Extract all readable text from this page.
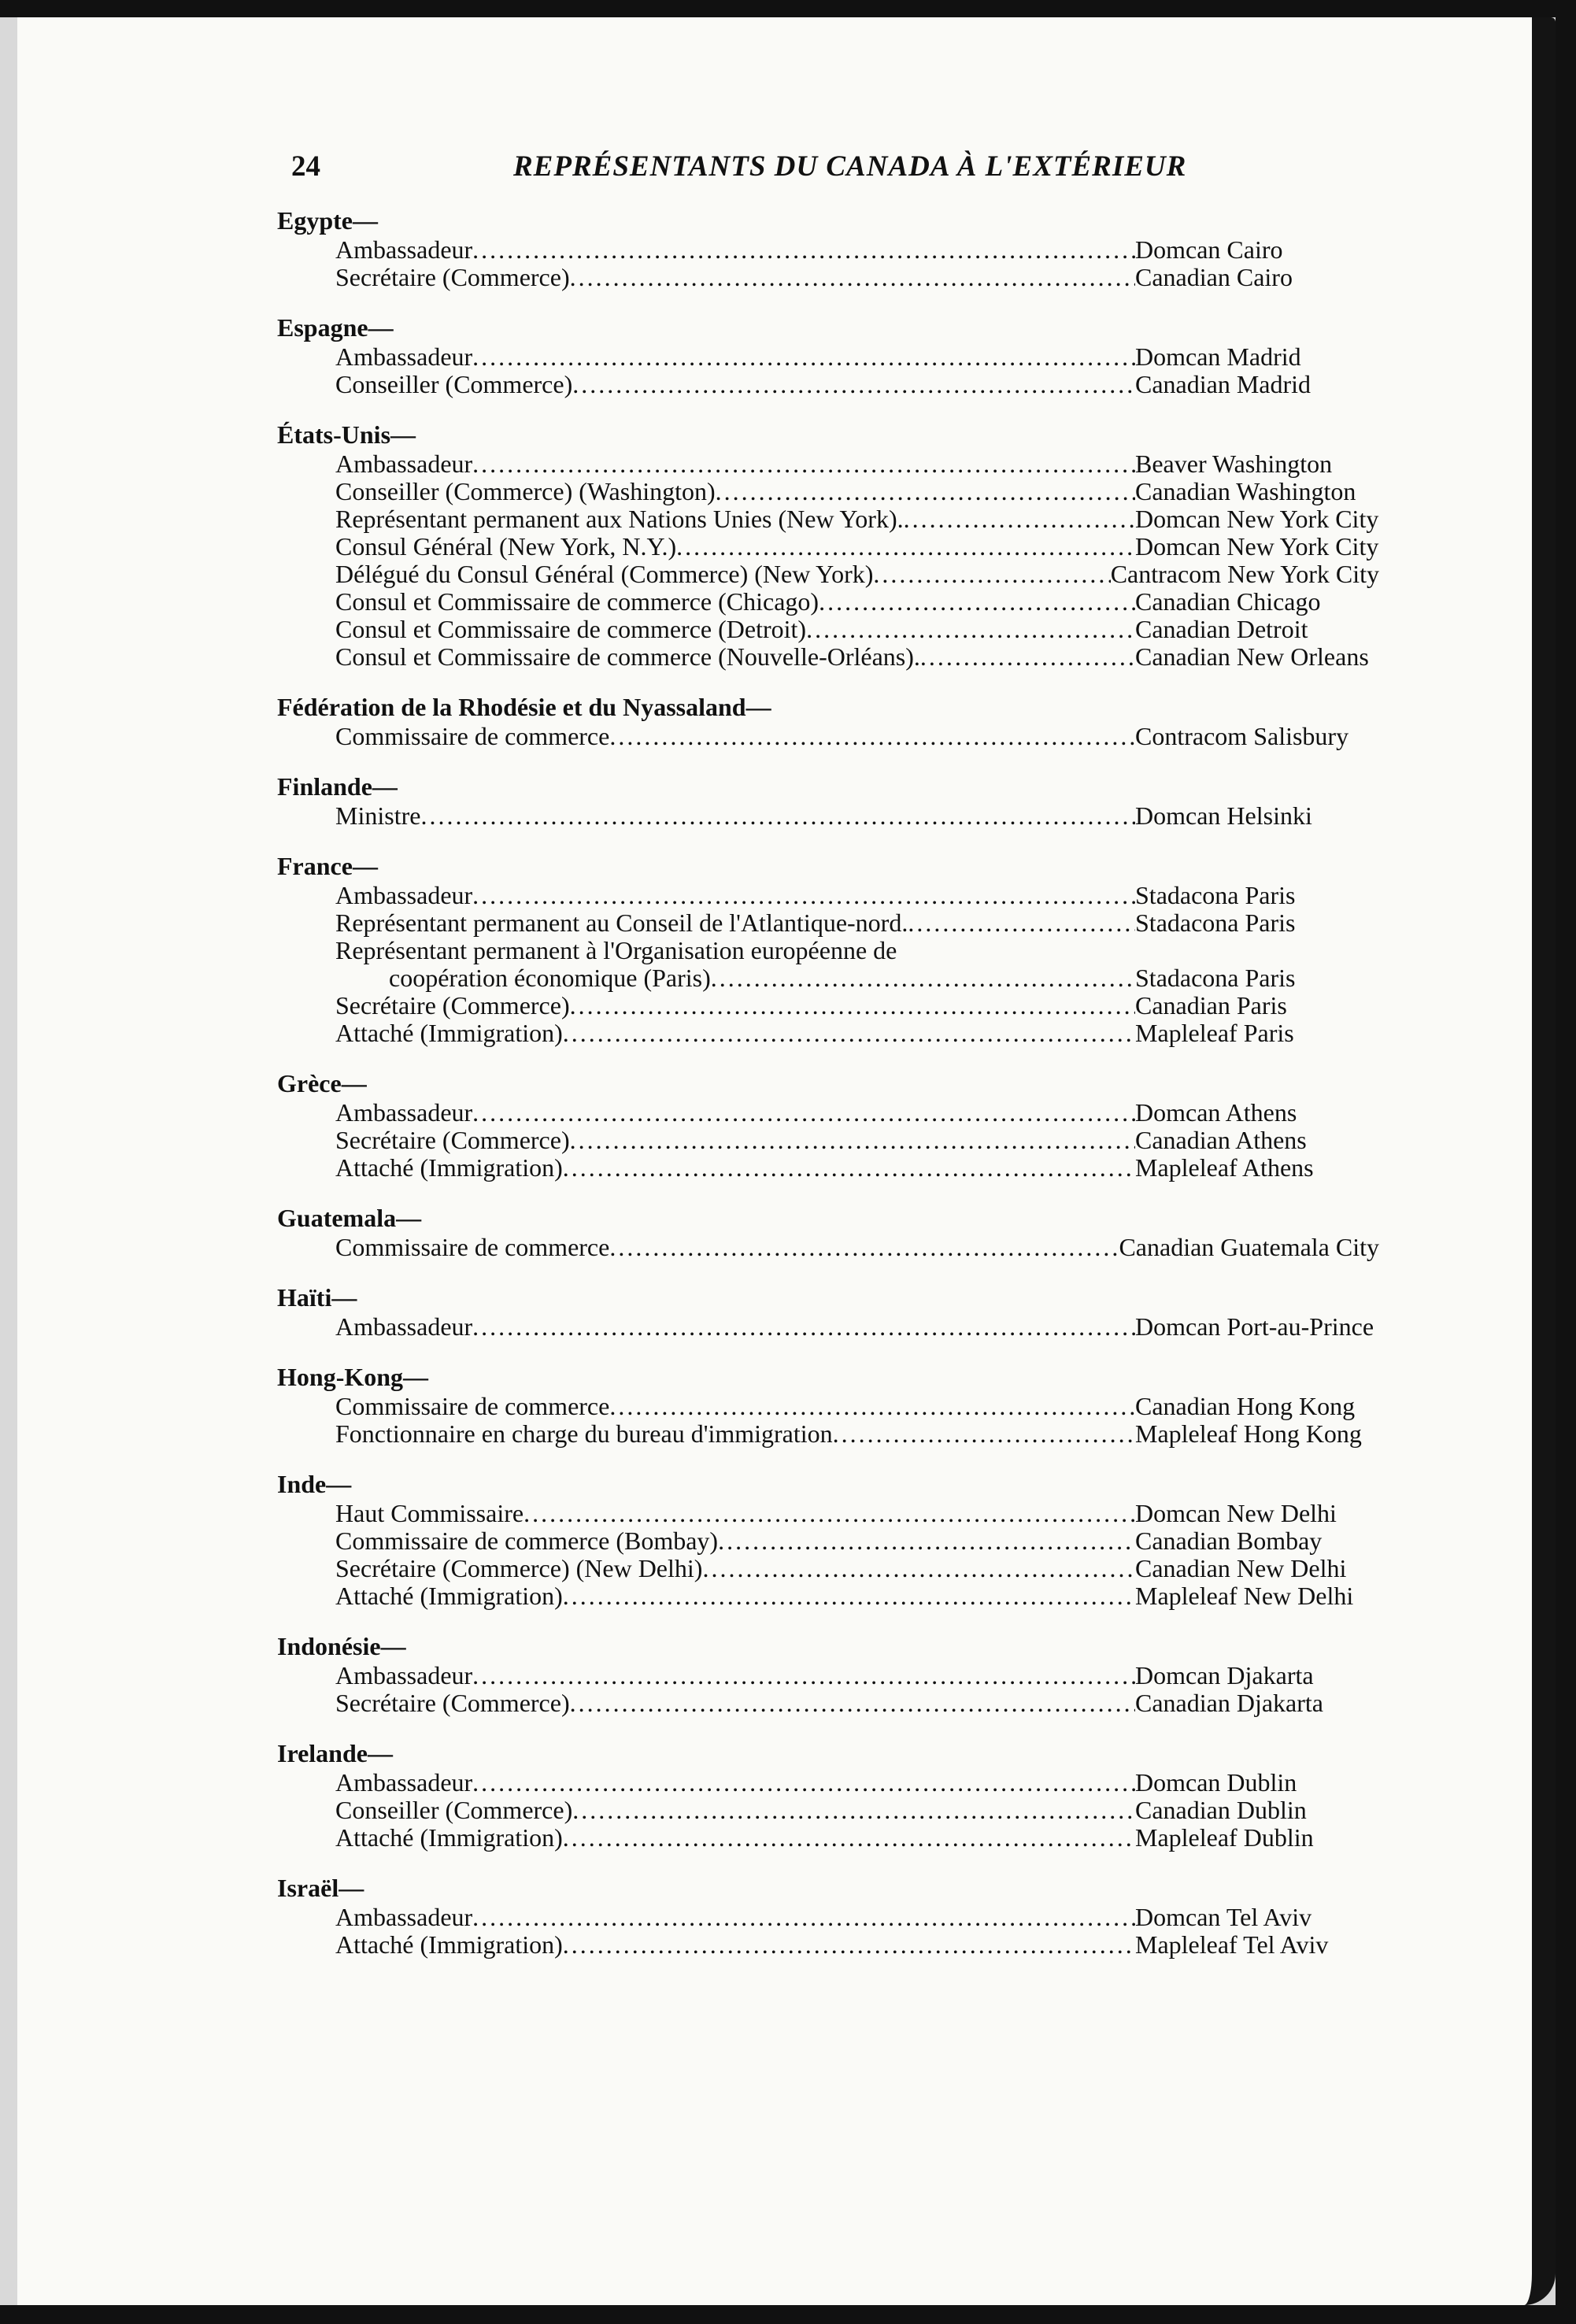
24	REPRÉSENTANTS DU CANADA À L'EXTÉRIEUR
Egypte—
Ambassadeur .....	Domcan Cairo
Secrétaire (Commerce) .....	Canadian Cairo
Espagne—
Ambassadeur .....	Domcan Madrid
Conseiller (Commerce) .....	Canadian Madrid
États-Unis—
Ambassadeur .....	Beaver Washington
Conseiller (Commerce) (Washington) .....	Canadian Washington
Représentant permanent aux Nations Unies (New York). .....	Domcan New York City
Consul Général (New York, N.Y.) .....	Domcan New York City
Délégué du Consul Général (Commerce) (New York) .....	Cantracom New York City
Consul et Commissaire de commerce (Chicago) .....	Canadian Chicago
Consul et Commissaire de commerce (Detroit) .....	Canadian Detroit
Consul et Commissaire de commerce (Nouvelle-Orléans). .....	Canadian New Orleans
Fédération de la Rhodésie et du Nyassaland—
Commissaire de commerce .....	Contracom Salisbury
Finlande—
Ministre .....	Domcan Helsinki
France—
Ambassadeur .....	Stadacona Paris
Représentant permanent au Conseil de l'Atlantique-nord. .....	Stadacona Paris
Représentant permanent à l'Organisation européenne de
coopération économique (Paris) .....	Stadacona Paris
Secrétaire (Commerce) .....	Canadian Paris
Attaché (Immigration) .....	Mapleleaf Paris
Grèce—
Ambassadeur .....	Domcan Athens
Secrétaire (Commerce) .....	Canadian Athens
Attaché (Immigration) .....	Mapleleaf Athens
Guatemala—
Commissaire de commerce .....	Canadian Guatemala City
Haïti—
Ambassadeur .....	Domcan Port-au-Prince
Hong-Kong—
Commissaire de commerce .....	Canadian Hong Kong
Fonctionnaire en charge du bureau d'immigration .....	Mapleleaf Hong Kong
Inde—
Haut Commissaire .....	Domcan New Delhi
Commissaire de commerce (Bombay) .....	Canadian Bombay
Secrétaire (Commerce) (New Delhi) .....	Canadian New Delhi
Attaché (Immigration) .....	Mapleleaf New Delhi
Indonésie—
Ambassadeur .....	Domcan Djakarta
Secrétaire (Commerce) .....	Canadian Djakarta
Irelande—
Ambassadeur .....	Domcan Dublin
Conseiller (Commerce) .....	Canadian Dublin
Attaché (Immigration) .....	Mapleleaf Dublin
Israël—
Ambassadeur .....	Domcan Tel Aviv
Attaché (Immigration) .....	Mapleleaf Tel Aviv
